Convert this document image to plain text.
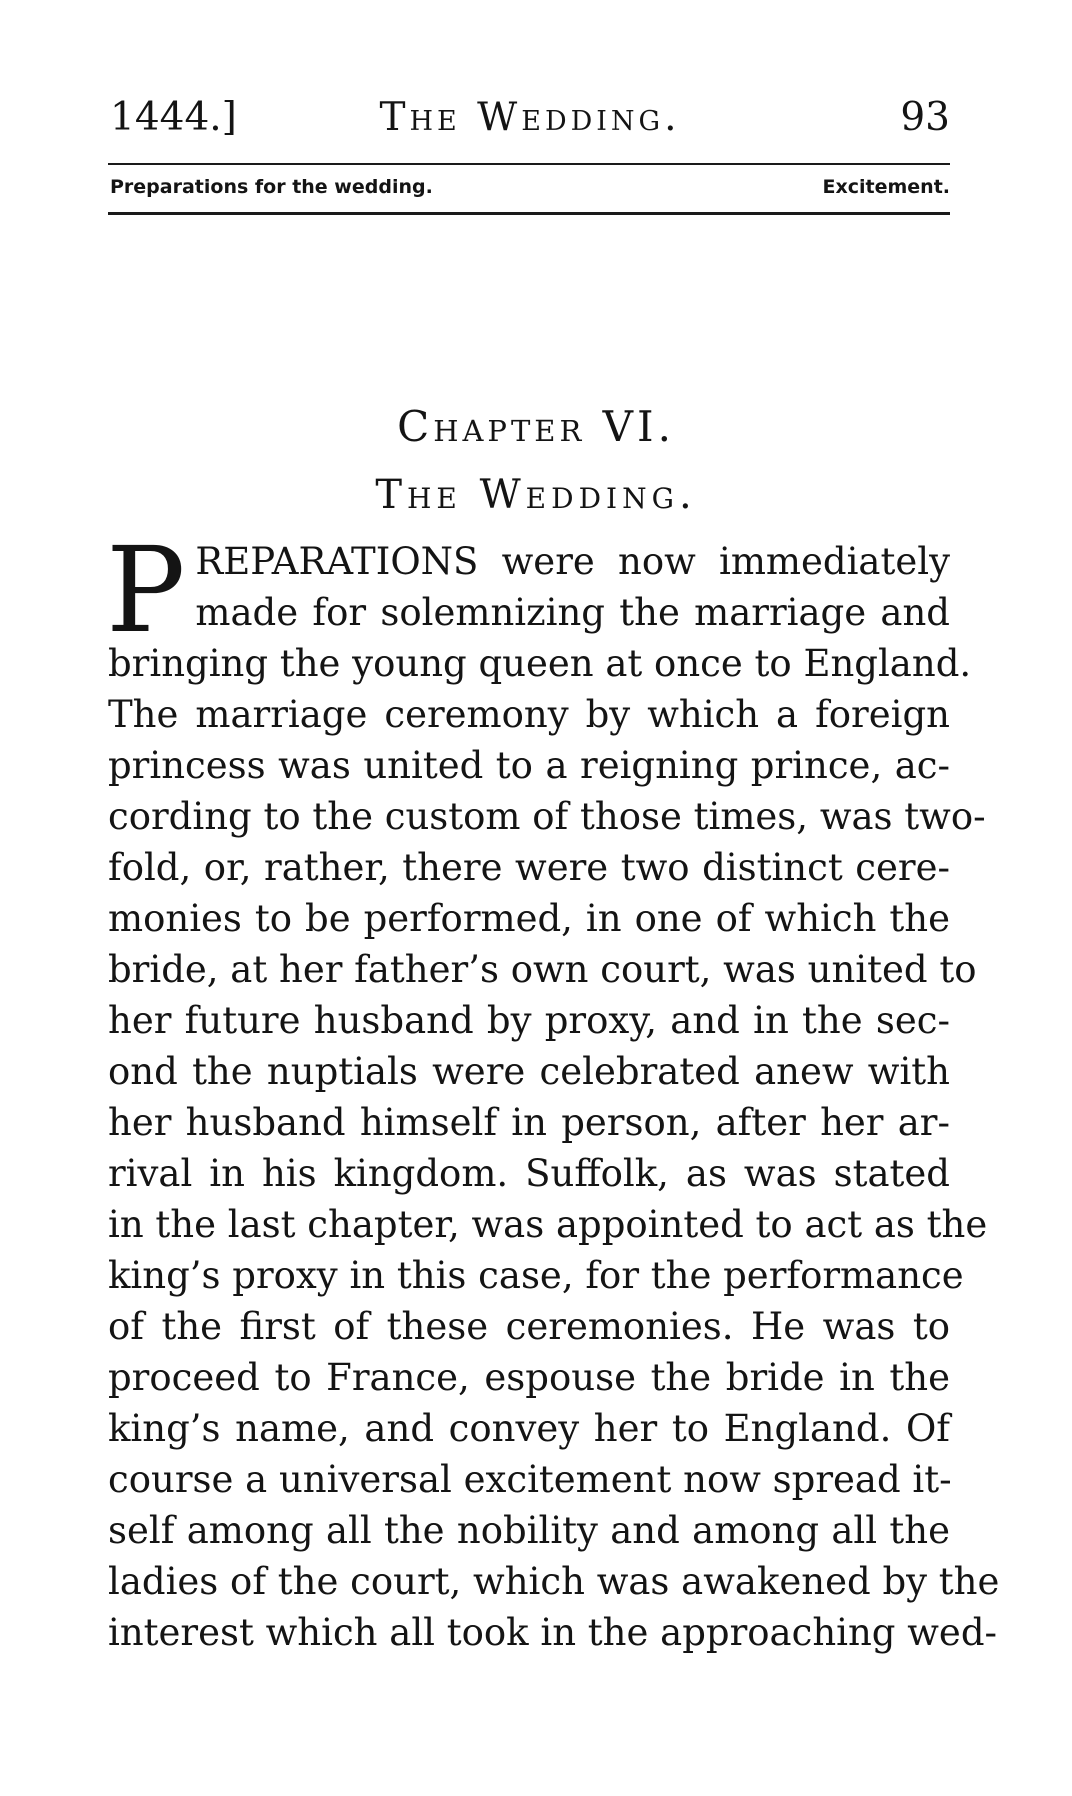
1444.]	The Wedding.	93
Preparations for the wedding.	Excitement.
Chapter VI.
The Wedding.
P REPARATIONS were now immediately
made for solemnizing the marriage and
bringing the young queen at once to England.
The marriage ceremony by which a foreign
princess was united to a reigning prince, ac-
cording to the custom of those times, was two-
fold, or, rather, there were two distinct cere-
monies to be performed, in one of which the
bride, at her father’s own court, was united to
her future husband by proxy, and in the sec-
ond the nuptials were celebrated anew with
her husband himself in person, after her ar-
rival in his kingdom. Suffolk, as was stated
in the last chapter, was appointed to act as the
king’s proxy in this case, for the performance
of the first of these ceremonies. He was to
proceed to France, espouse the bride in the
king’s name, and convey her to England. Of
course a universal excitement now spread it-
self among all the nobility and among all the
ladies of the court, which was awakened by the
interest which all took in the approaching wed-
